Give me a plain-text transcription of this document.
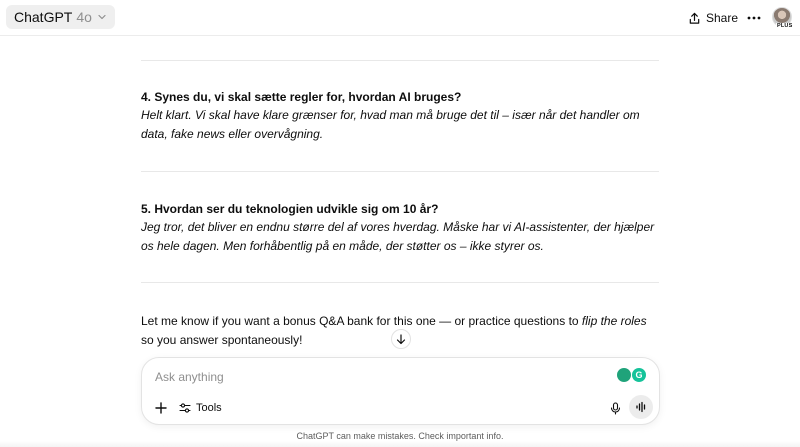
ChatGPT 4o	Share
PLUS
4. Synes du, vi skal sætte regler for, hvordan AI bruges?
Helt klart. Vi skal have klare grænser for, hvad man må bruge det til – især når det handler om data, fake news eller overvågning.
5. Hvordan ser du teknologien udvikle sig om 10 år?
Jeg tror, det bliver en endnu større del af vores hverdag. Måske har vi AI-assistenter, der hjælper os hele dagen. Men forhåbentlig på en måde, der støtter os – ikke styrer os.
Let me know if you want a bonus Q&A bank for this one — or practice questions to flip the roles so you answer spontaneously!
Ask anything
G
Tools
ChatGPT can make mistakes. Check important info.
